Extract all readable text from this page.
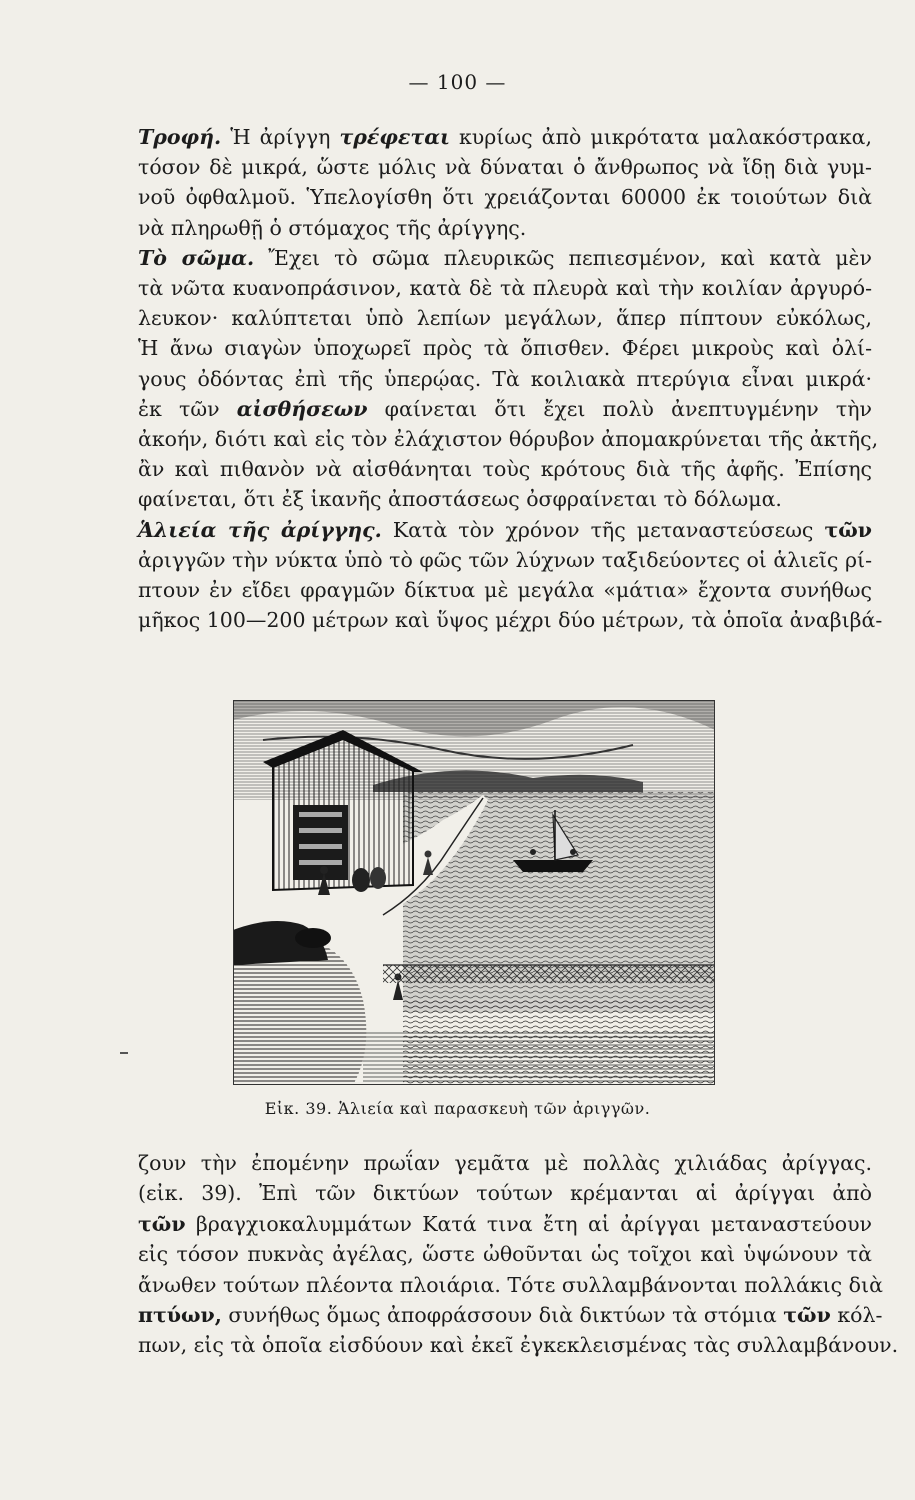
— 100 —
Τροφή. Ἡ ἀρίγγη τρέφεται κυρίως ἀπὸ μικρότατα μαλακόστρακα,
τόσον δὲ μικρά, ὥστε μόλις νὰ δύναται ὁ ἄνθρωπος νὰ ἴδῃ διὰ γυμ-
νοῦ ὀφθαλμοῦ. Ὑπελογίσθη ὅτι χρειάζονται 60000 ἐκ τοιούτων διὰ
νὰ πληρωθῇ ὁ στόμαχος τῆς ἀρίγγης.
Τὸ σῶμα. Ἔχει τὸ σῶμα πλευρικῶς πεπιεσμένον, καὶ κατὰ μὲν
τὰ νῶτα κυανοπράσινον, κατὰ δὲ τὰ πλευρὰ καὶ τὴν κοιλίαν ἀργυρό-
λευκον· καλύπτεται ὑπὸ λεπίων μεγάλων, ἅπερ πίπτουν εὐκόλως,
Ἡ ἄνω σιαγὼν ὑποχωρεῖ πρὸς τὰ ὄπισθεν. Φέρει μικροὺς καὶ ὀλί-
γους ὀδόντας ἐπὶ τῆς ὑπερῴας. Τὰ κοιλιακὰ πτερύγια εἶναι μικρά·
ἐκ τῶν αἰσθήσεων φαίνεται ὅτι ἔχει πολὺ ἀνεπτυγμένην τὴν
ἀκοήν, διότι καὶ εἰς τὸν ἐλάχιστον θόρυβον ἀπομακρύνεται τῆς ἀκτῆς,
ἂν καὶ πιθανὸν νὰ αἰσθάνηται τοὺς κρότους διὰ τῆς ἀφῆς. Ἐπίσης
φαίνεται, ὅτι ἐξ ἱκανῆς ἀποστάσεως ὀσφραίνεται τὸ δόλωμα.
Ἁλιεία τῆς ἀρίγγης. Κατὰ τὸν χρόνον τῆς μεταναστεύσεως τῶν
ἀριγγῶν τὴν νύκτα ὑπὸ τὸ φῶς τῶν λύχνων ταξιδεύοντες οἱ ἁλιεῖς ρί-
πτουν ἐν εἴδει φραγμῶν δίκτυα μὲ μεγάλα «μάτια» ἔχοντα συνήθως
μῆκος 100—200 μέτρων καὶ ὕψος μέχρι δύο μέτρων, τὰ ὁποῖα ἀναβιβά-
Εἰκ. 39. Ἁλιεία καὶ παρασκευὴ τῶν ἀριγγῶν.
ζουν τὴν ἐπομένην πρωΐαν γεμᾶτα μὲ πολλὰς χιλιάδας ἀρίγγας.
(εἰκ. 39). Ἐπὶ τῶν δικτύων τούτων κρέμανται αἱ ἀρίγγαι ἀπὸ
τῶν βραγχιοκαλυμμάτων Κατά τινα ἔτη αἱ ἀρίγγαι μεταναστεύουν
εἰς τόσον πυκνὰς ἀγέλας, ὥστε ὠθοῦνται ὡς τοῖχοι καὶ ὑψώνουν τὰ
ἄνωθεν τούτων πλέοντα πλοιάρια. Τότε συλλαμβάνονται πολλάκις διὰ
πτύων, συνήθως ὅμως ἀποφράσσουν διὰ δικτύων τὰ στόμια τῶν κόλ-
πων, εἰς τὰ ὁποῖα εἰσδύουν καὶ ἐκεῖ ἐγκεκλεισμένας τὰς συλλαμβάνουν.
